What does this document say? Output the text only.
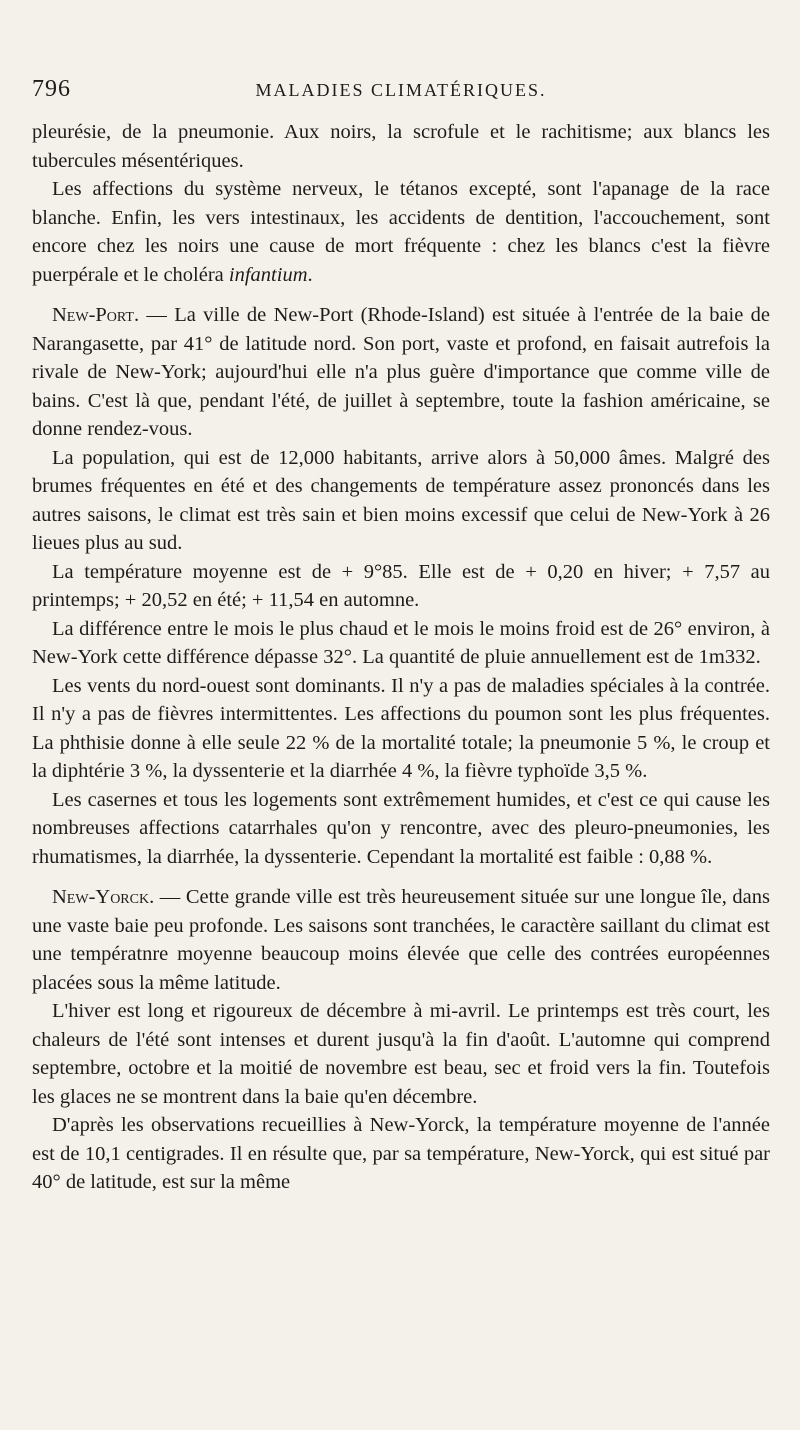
796	MALADIES CLIMATÉRIQUES.

pleurésie, de la pneumonie. Aux noirs, la scrofule et le rachitisme; aux blancs les tubercules mésentériques.

Les affections du système nerveux, le tétanos excepté, sont l'apanage de la race blanche. Enfin, les vers intestinaux, les accidents de dentition, l'accouchement, sont encore chez les noirs une cause de mort fréquente : chez les blancs c'est la fièvre puerpérale et le choléra infantium.

New-Port. — La ville de New-Port (Rhode-Island) est située à l'entrée de la baie de Narangasette, par 41° de latitude nord. Son port, vaste et profond, en faisait autrefois la rivale de New-York; aujourd'hui elle n'a plus guère d'importance que comme ville de bains. C'est là que, pendant l'été, de juillet à septembre, toute la fashion américaine, se donne rendez-vous.

La population, qui est de 12,000 habitants, arrive alors à 50,000 âmes. Malgré des brumes fréquentes en été et des changements de température assez prononcés dans les autres saisons, le climat est très sain et bien moins excessif que celui de New-York à 26 lieues plus au sud.

La température moyenne est de + 9°85. Elle est de + 0,20 en hiver; + 7,57 au printemps; + 20,52 en été; + 11,54 en automne.

La différence entre le mois le plus chaud et le mois le moins froid est de 26° environ, à New-York cette différence dépasse 32°. La quantité de pluie annuellement est de 1m332.

Les vents du nord-ouest sont dominants. Il n'y a pas de maladies spéciales à la contrée. Il n'y a pas de fièvres intermittentes. Les affections du poumon sont les plus fréquentes. La phthisie donne à elle seule 22 % de la mortalité totale; la pneumonie 5 %, le croup et la diphtérie 3 %, la dyssenterie et la diarrhée 4 %, la fièvre typhoïde 3,5 %.

Les casernes et tous les logements sont extrêmement humides, et c'est ce qui cause les nombreuses affections catarrhales qu'on y rencontre, avec des pleuro-pneumonies, les rhumatismes, la diarrhée, la dyssenterie. Cependant la mortalité est faible : 0,88 %.

New-Yorck. — Cette grande ville est très heureusement située sur une longue île, dans une vaste baie peu profonde. Les saisons sont tranchées, le caractère saillant du climat est une températnre moyenne beaucoup moins élevée que celle des contrées européennes placées sous la même latitude.

L'hiver est long et rigoureux de décembre à mi-avril. Le printemps est très court, les chaleurs de l'été sont intenses et durent jusqu'à la fin d'août. L'automne qui comprend septembre, octobre et la moitié de novembre est beau, sec et froid vers la fin. Toutefois les glaces ne se montrent dans la baie qu'en décembre.

D'après les observations recueillies à New-Yorck, la température moyenne de l'année est de 10,1 centigrades. Il en résulte que, par sa température, New-Yorck, qui est situé par 40° de latitude, est sur la même
